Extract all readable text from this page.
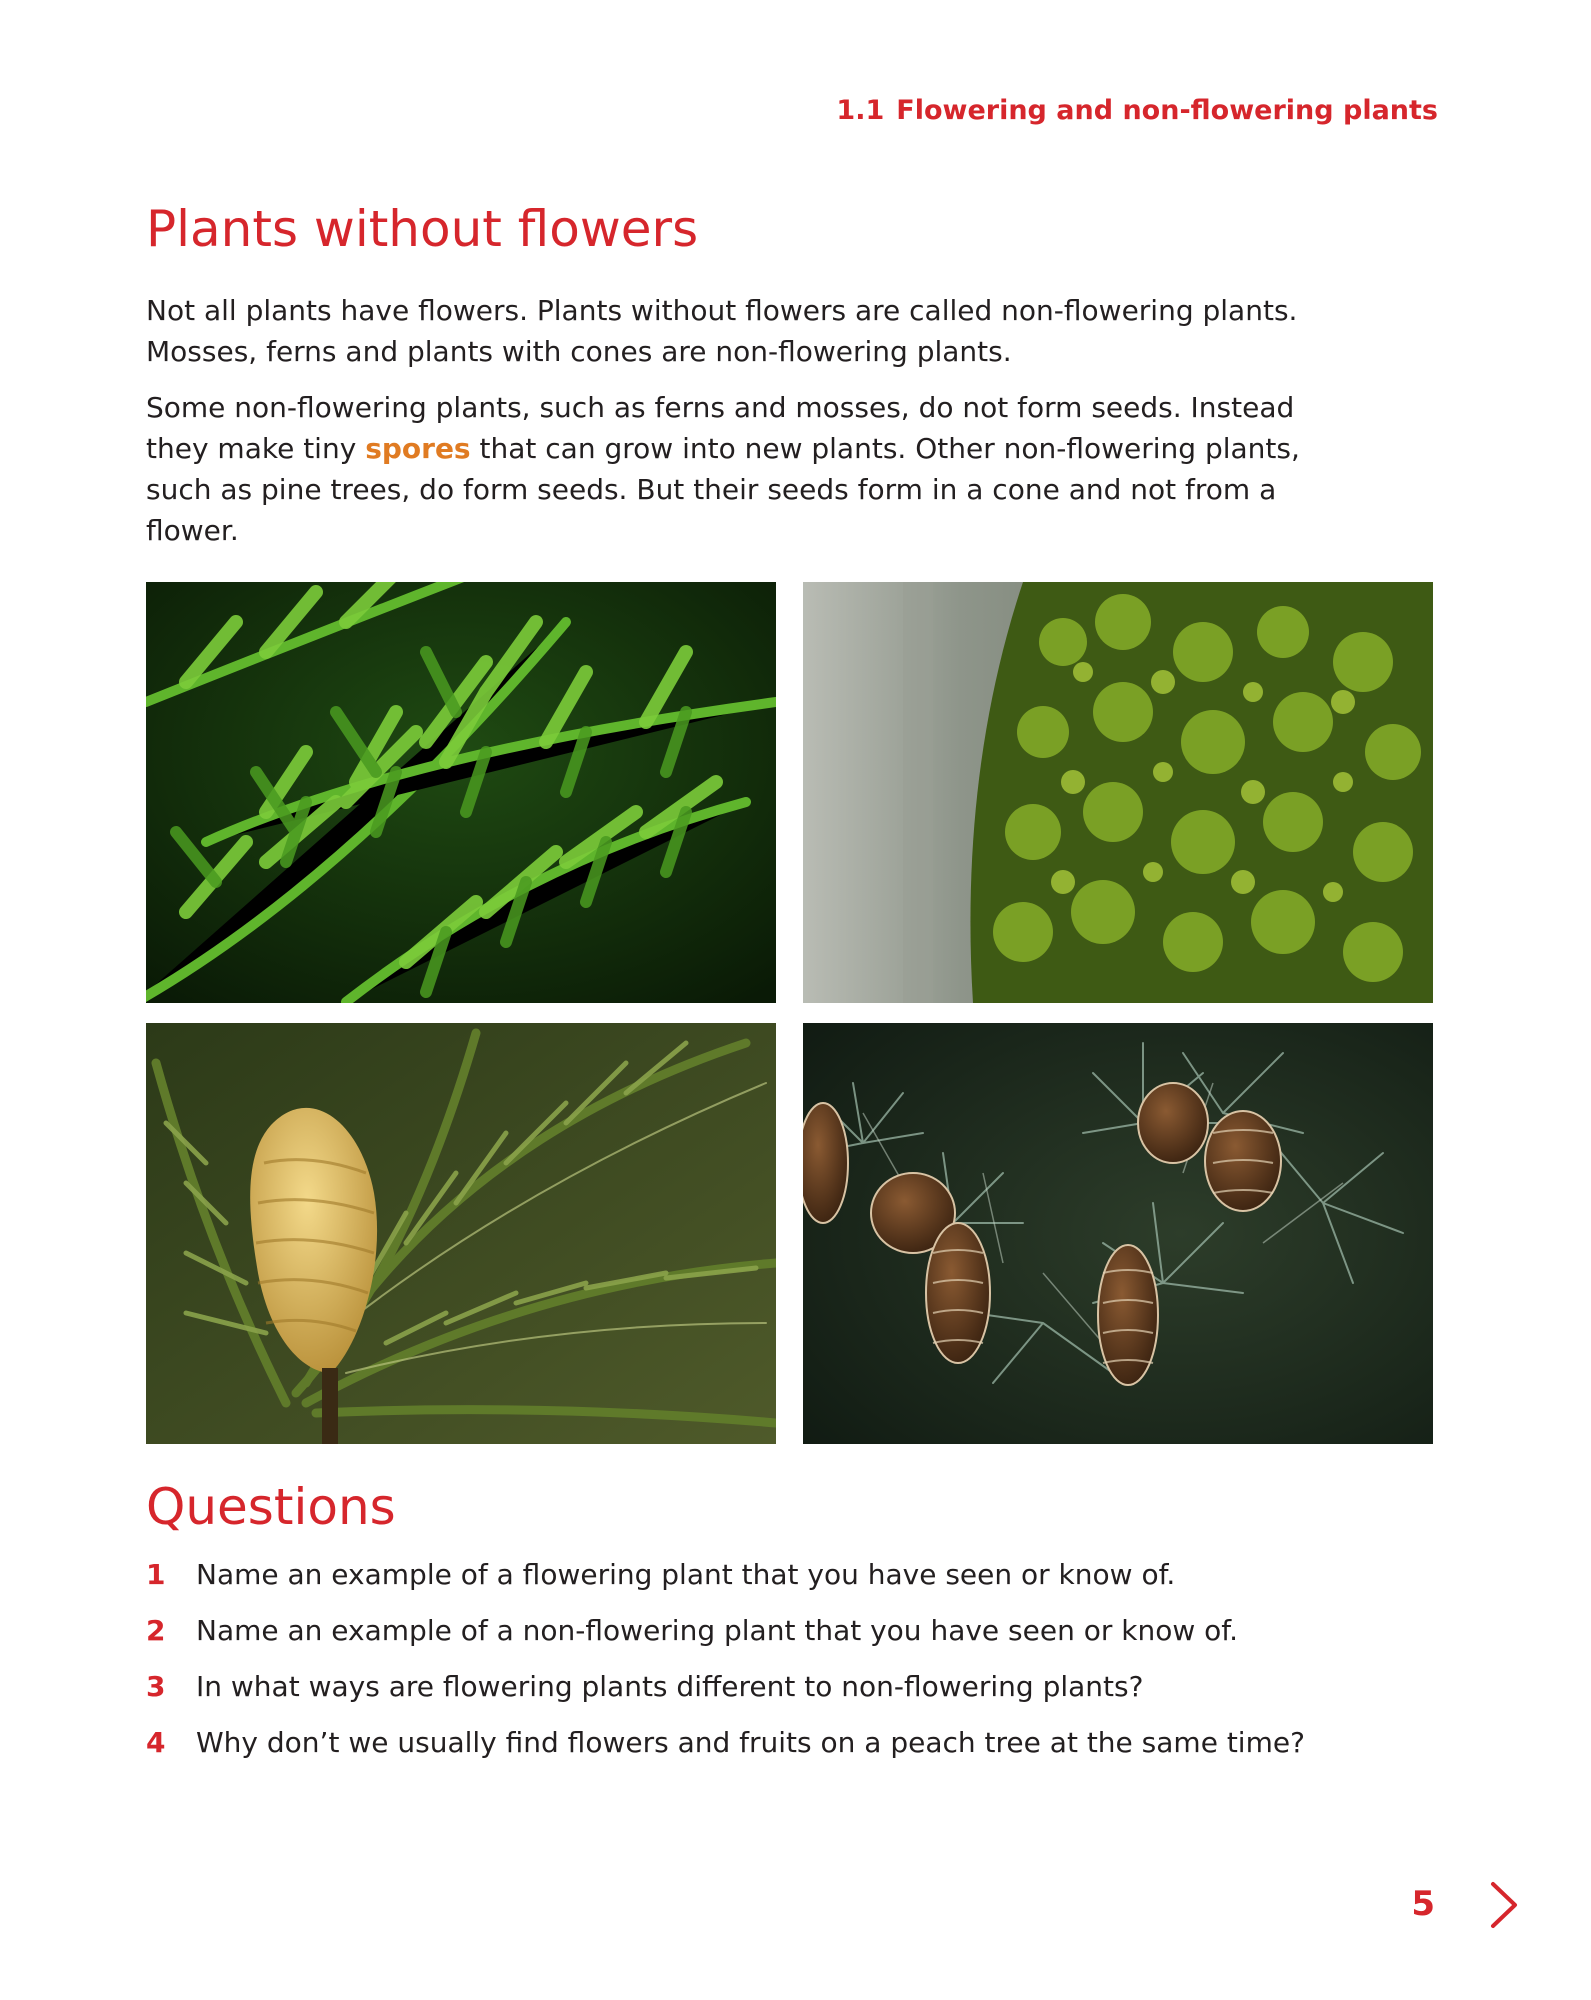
1.1 Flowering and non-flowering plants
Plants without flowers

Not all plants have flowers. Plants without flowers are called non-flowering plants. Mosses, ferns and plants with cones are non-flowering plants.

Some non-flowering plants, such as ferns and mosses, do not form seeds. Instead they make tiny spores that can grow into new plants. Other non-flowering plants, such as pine trees, do form seeds. But their seeds form in a cone and not from a flower.

Questions
1	Name an example of a flowering plant that you have seen or know of.
2	Name an example of a non-flowering plant that you have seen or know of.
3	In what ways are flowering plants different to non-flowering plants?
4	Why don’t we usually find flowers and fruits on a peach tree at the same time?
5
